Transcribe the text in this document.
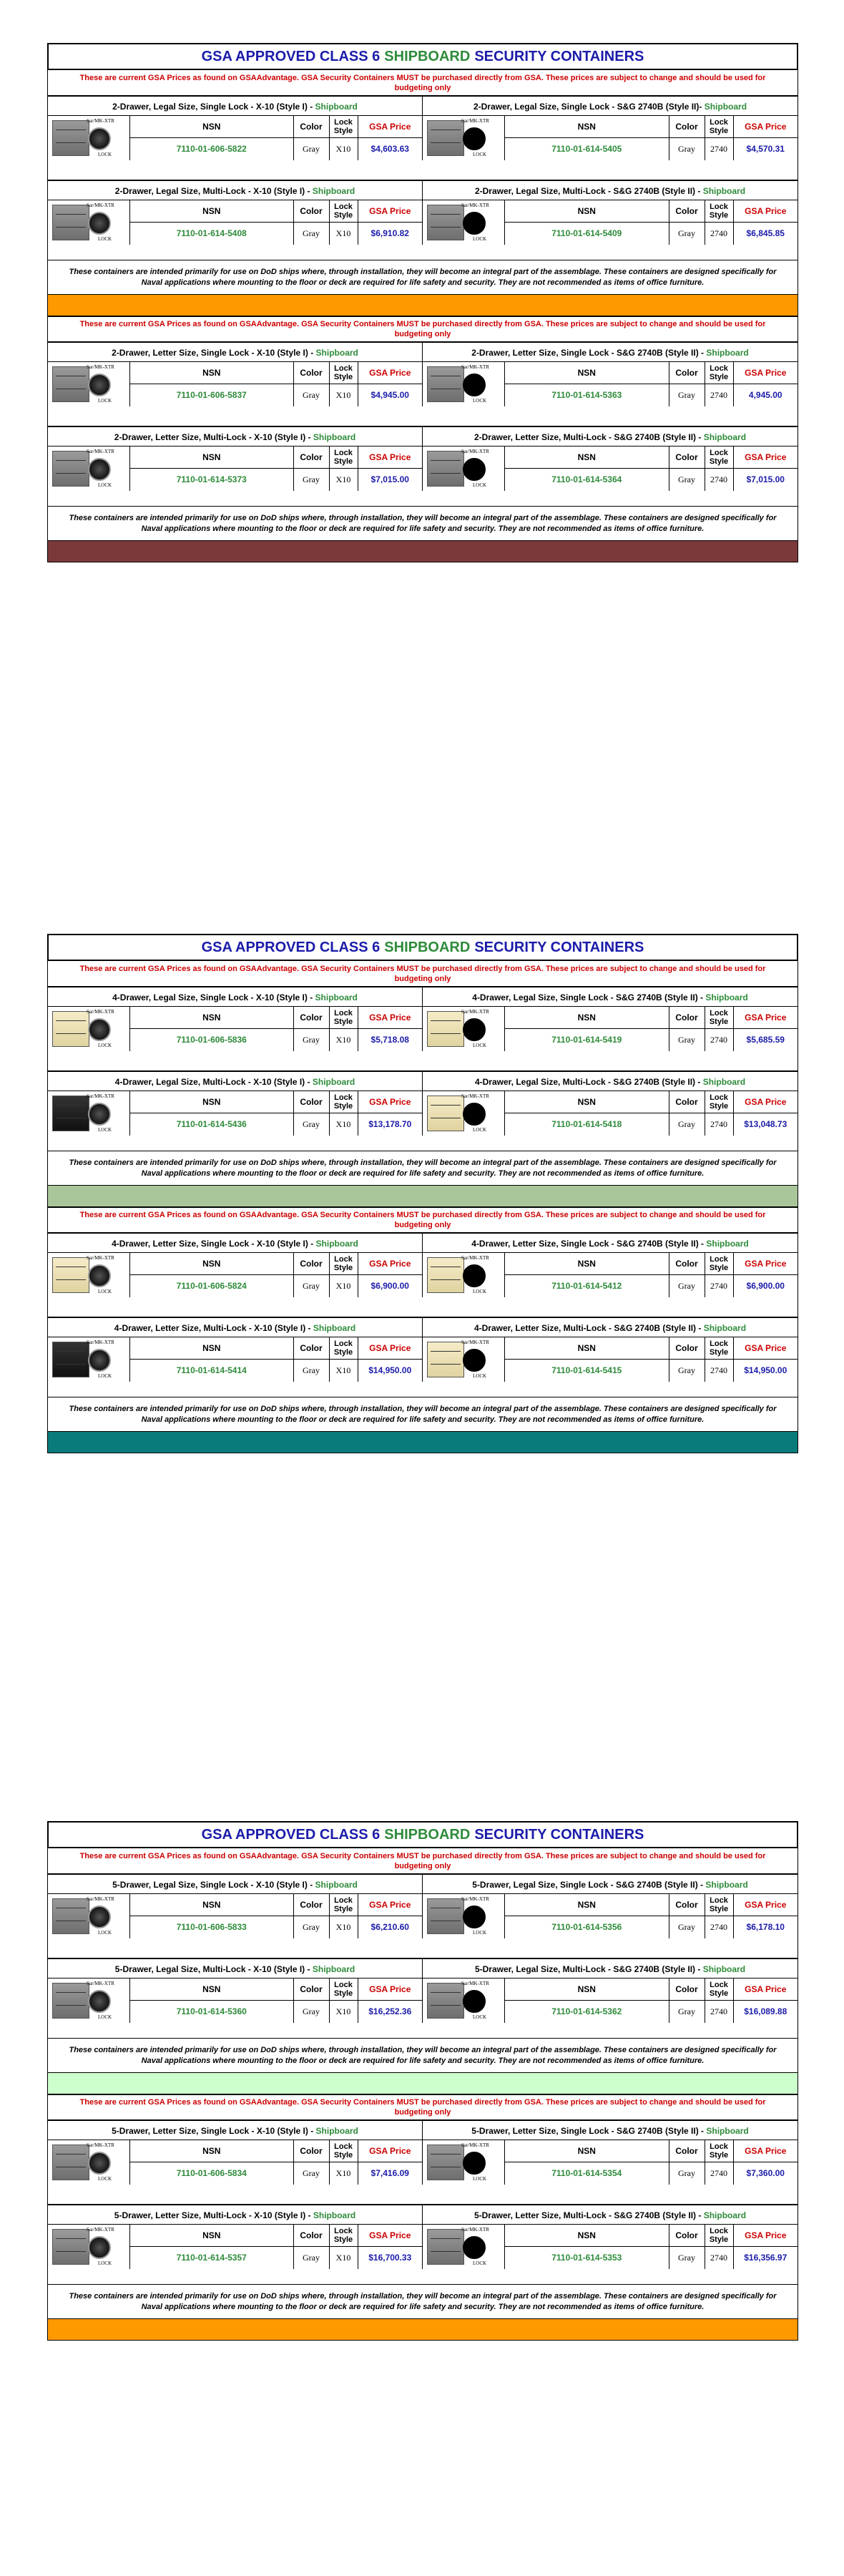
GSA APPROVED CLASS 6 SHIPBOARD SECURITY CONTAINERS
These are current GSA Prices as found on GSAAdvantage. GSA Security Containers MUST be purchased directly from GSA. These prices are subject to change and should be used for budgeting only
2-Drawer, Legal Size, Single Lock - X-10 (Style I) - Shipboard
Sar/MK-XTR
LOCK
NSN	Color	Lock Style	GSA Price
7110-01-606-5822	Gray	X10	$4,603.63
2-Drawer, Legal Size, Single Lock - S&G 2740B (Style II)- Shipboard
Sar/MK-XTR
LOCK
NSN	Color	Lock Style	GSA Price
7110-01-614-5405	Gray	2740	$4,570.31
2-Drawer, Legal Size, Multi-Lock - X-10 (Style I) - Shipboard
Sar/MK-XTR
LOCK
NSN	Color	Lock Style	GSA Price
7110-01-614-5408	Gray	X10	$6,910.82
2-Drawer, Legal Size, Multi-Lock - S&G 2740B (Style II) - Shipboard
Sar/MK-XTR
LOCK
NSN	Color	Lock Style	GSA Price
7110-01-614-5409	Gray	2740	$6,845.85
These containers are intended primarily for use on DoD ships where, through installation, they will become an integral part of the assemblage. These containers are designed specifically for Naval applications where mounting to the floor or deck are required for life safety and security. They are not recommended as items of office furniture.
These are current GSA Prices as found on GSAAdvantage. GSA Security Containers MUST be purchased directly from GSA. These prices are subject to change and should be used for budgeting only
2-Drawer, Letter Size, Single Lock - X-10 (Style I) - Shipboard
Sar/MK-XTR
LOCK
NSN	Color	Lock Style	GSA Price
7110-01-606-5837	Gray	X10	$4,945.00
2-Drawer, Letter Size, Single Lock - S&G 2740B (Style II) - Shipboard
Sar/MK-XTR
LOCK
NSN	Color	Lock Style	GSA Price
7110-01-614-5363	Gray	2740	4,945.00
2-Drawer, Letter Size, Multi-Lock - X-10 (Style I) - Shipboard
Sar/MK-XTR
LOCK
NSN	Color	Lock Style	GSA Price
7110-01-614-5373	Gray	X10	$7,015.00
2-Drawer, Letter Size, Multi-Lock - S&G 2740B (Style II) - Shipboard
Sar/MK-XTR
LOCK
NSN	Color	Lock Style	GSA Price
7110-01-614-5364	Gray	2740	$7,015.00
These containers are intended primarily for use on DoD ships where, through installation, they will become an integral part of the assemblage. These containers are designed specifically for Naval applications where mounting to the floor or deck are required for life safety and security. They are not recommended as items of office furniture.
GSA APPROVED CLASS 6 SHIPBOARD SECURITY CONTAINERS
These are current GSA Prices as found on GSAAdvantage. GSA Security Containers MUST be purchased directly from GSA. These prices are subject to change and should be used for budgeting only
4-Drawer, Legal Size, Single Lock - X-10 (Style I) - Shipboard
Sar/MK-XTR
LOCK
NSN	Color	Lock Style	GSA Price
7110-01-606-5836	Gray	X10	$5,718.08
4-Drawer, Legal Size, Single Lock - S&G 2740B (Style II) - Shipboard
Sar/MK-XTR
LOCK
NSN	Color	Lock Style	GSA Price
7110-01-614-5419	Gray	2740	$5,685.59
4-Drawer, Legal Size, Multi-Lock - X-10 (Style I) - Shipboard
Sar/MK-XTR
LOCK
NSN	Color	Lock Style	GSA Price
7110-01-614-5436	Gray	X10	$13,178.70
4-Drawer, Legal Size, Multi-Lock - S&G 2740B (Style II) - Shipboard
Sar/MK-XTR
LOCK
NSN	Color	Lock Style	GSA Price
7110-01-614-5418	Gray	2740	$13,048.73
These containers are intended primarily for use on DoD ships where, through installation, they will become an integral part of the assemblage. These containers are designed specifically for Naval applications where mounting to the floor or deck are required for life safety and security. They are not recommended as items of office furniture.
These are current GSA Prices as found on GSAAdvantage. GSA Security Containers MUST be purchased directly from GSA. These prices are subject to change and should be used for budgeting only
4-Drawer, Letter Size, Single Lock - X-10 (Style I) - Shipboard
Sar/MK-XTR
LOCK
NSN	Color	Lock Style	GSA Price
7110-01-606-5824	Gray	X10	$6,900.00
4-Drawer, Letter Size, Single Lock - S&G 2740B (Style II) - Shipboard
Sar/MK-XTR
LOCK
NSN	Color	Lock Style	GSA Price
7110-01-614-5412	Gray	2740	$6,900.00
4-Drawer, Letter Size, Multi-Lock - X-10 (Style I) - Shipboard
Sar/MK-XTR
LOCK
NSN	Color	Lock Style	GSA Price
7110-01-614-5414	Gray	X10	$14,950.00
4-Drawer, Letter Size, Multi-Lock - S&G 2740B (Style II) - Shipboard
Sar/MK-XTR
LOCK
NSN	Color	Lock Style	GSA Price
7110-01-614-5415	Gray	2740	$14,950.00
These containers are intended primarily for use on DoD ships where, through installation, they will become an integral part of the assemblage. These containers are designed specifically for Naval applications where mounting to the floor or deck are required for life safety and security. They are not recommended as items of office furniture.
GSA APPROVED CLASS 6 SHIPBOARD SECURITY CONTAINERS
These are current GSA Prices as found on GSAAdvantage. GSA Security Containers MUST be purchased directly from GSA. These prices are subject to change and should be used for budgeting only
5-Drawer, Legal Size, Single Lock - X-10 (Style I) - Shipboard
Sar/MK-XTR
LOCK
NSN	Color	Lock Style	GSA Price
7110-01-606-5833	Gray	X10	$6,210.60
5-Drawer, Legal Size, Single Lock - S&G 2740B (Style II) - Shipboard
Sar/MK-XTR
LOCK
NSN	Color	Lock Style	GSA Price
7110-01-614-5356	Gray	2740	$6,178.10
5-Drawer, Legal Size, Multi-Lock - X-10 (Style I) - Shipboard
Sar/MK-XTR
LOCK
NSN	Color	Lock Style	GSA Price
7110-01-614-5360	Gray	X10	$16,252.36
5-Drawer, Legal Size, Multi-Lock - S&G 2740B (Style II) - Shipboard
Sar/MK-XTR
LOCK
NSN	Color	Lock Style	GSA Price
7110-01-614-5362	Gray	2740	$16,089.88
These containers are intended primarily for use on DoD ships where, through installation, they will become an integral part of the assemblage. These containers are designed specifically for Naval applications where mounting to the floor or deck are required for life safety and security. They are not recommended as items of office furniture.
These are current GSA Prices as found on GSAAdvantage. GSA Security Containers MUST be purchased directly from GSA. These prices are subject to change and should be used for budgeting only
5-Drawer, Letter Size, Single Lock - X-10 (Style I) - Shipboard
Sar/MK-XTR
LOCK
NSN	Color	Lock Style	GSA Price
7110-01-606-5834	Gray	X10	$7,416.09
5-Drawer, Letter Size, Single Lock - S&G 2740B (Style II) - Shipboard
Sar/MK-XTR
LOCK
NSN	Color	Lock Style	GSA Price
7110-01-614-5354	Gray	2740	$7,360.00
5-Drawer, Letter Size, Multi-Lock - X-10 (Style I) - Shipboard
Sar/MK-XTR
LOCK
NSN	Color	Lock Style	GSA Price
7110-01-614-5357	Gray	X10	$16,700.33
5-Drawer, Letter Size, Multi-Lock - S&G 2740B (Style II) - Shipboard
Sar/MK-XTR
LOCK
NSN	Color	Lock Style	GSA Price
7110-01-614-5353	Gray	2740	$16,356.97
These containers are intended primarily for use on DoD ships where, through installation, they will become an integral part of the assemblage. These containers are designed specifically for Naval applications where mounting to the floor or deck are required for life safety and security. They are not recommended as items of office furniture.
